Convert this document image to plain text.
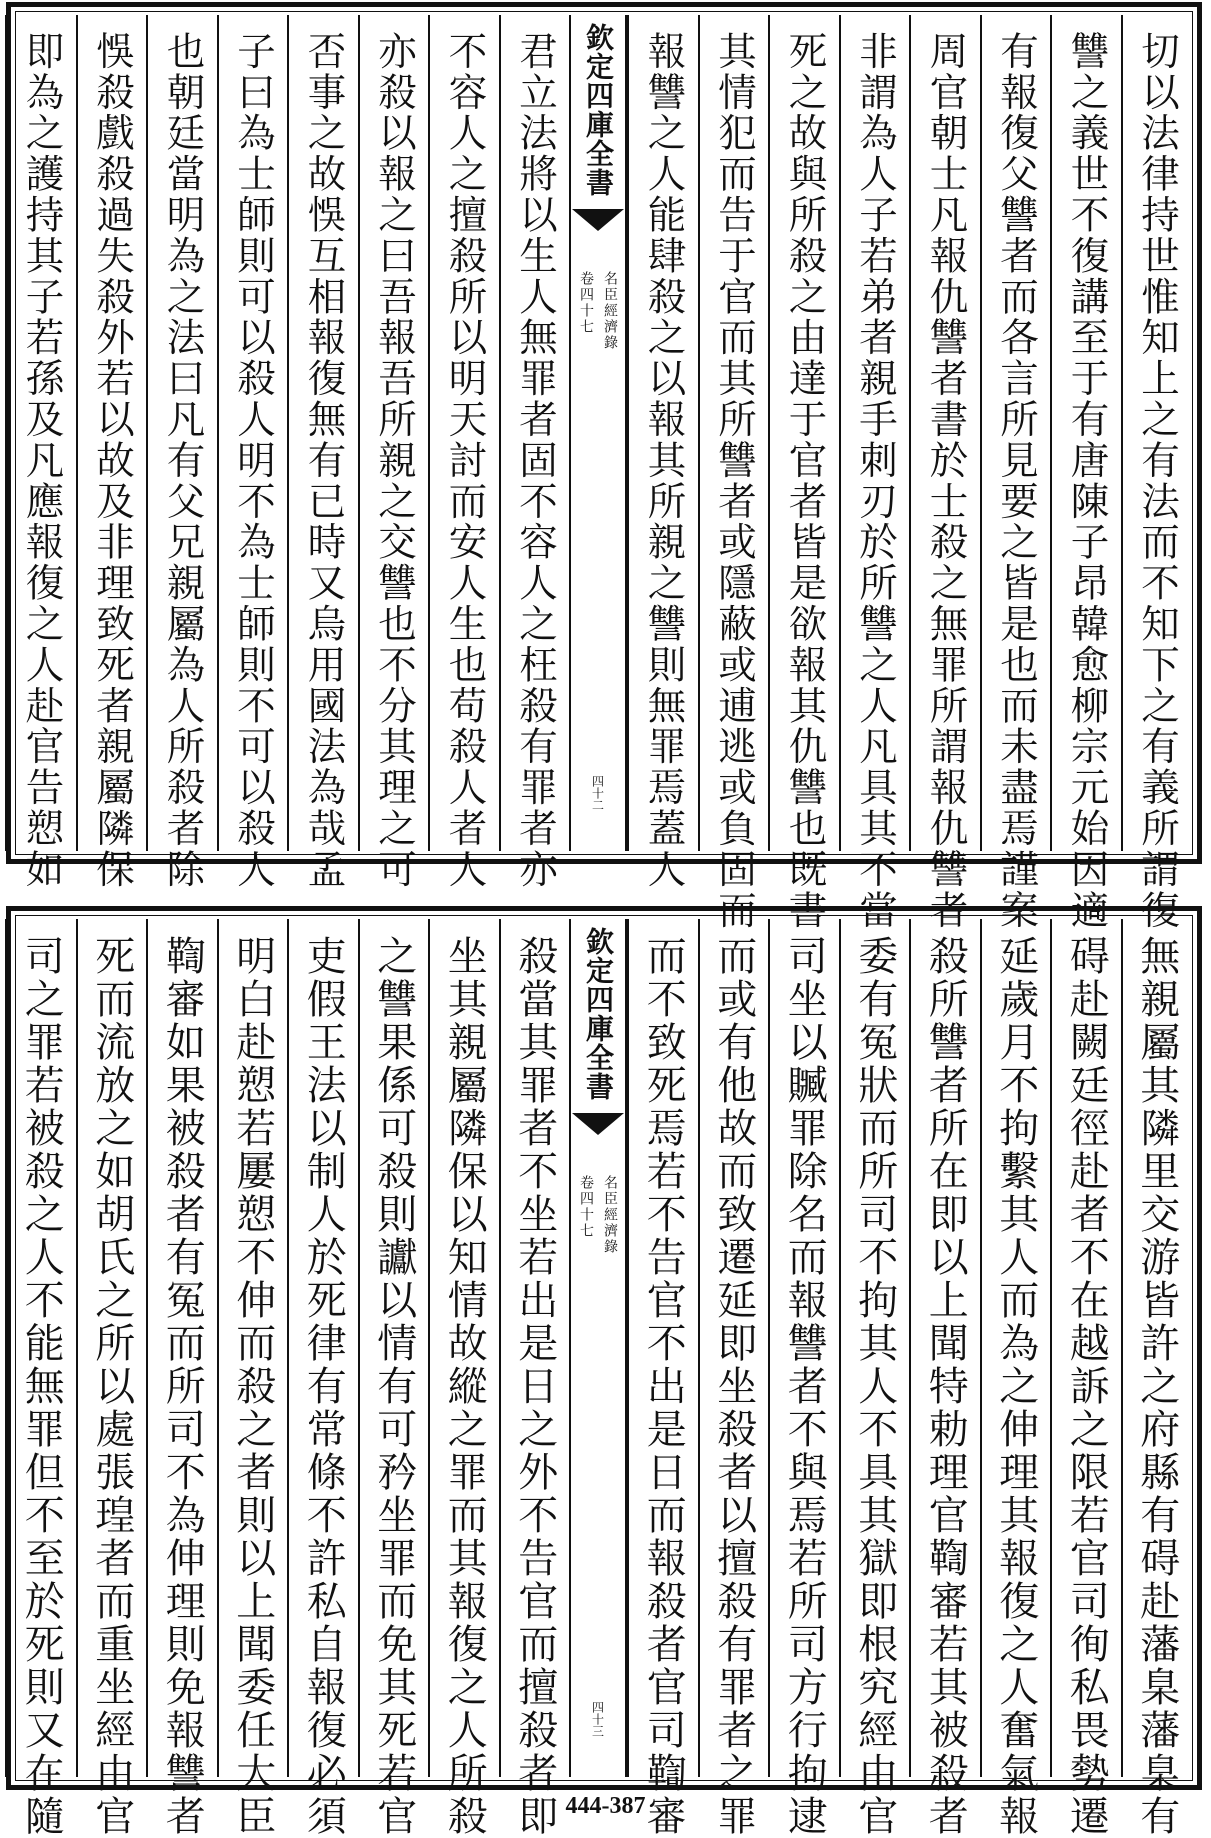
切以法律持世惟知上之有法而不知下之有義所謂復
讐之義世不復講至于有唐陳子昂韓愈柳宗元始因適
有報復父讐者而各言所見要之皆是也而未盡焉謹案
周官朝士凡報仇讐者書於士殺之無罪所謂報仇讐者
非謂為人子若弟者親手刺刃於所讐之人凡具其不當
死之故與所殺之由達于官者皆是欲報其仇讐也既書
其情犯而告于官而其所讐者或隱蔽或逋逃或負固而
報讐之人能肆殺之以報其所親之讐則無罪焉蓋人
欽定四庫全書
名臣經濟錄
卷四十七
四十二
君立法將以生人無罪者固不容人之枉殺有罪者亦
不容人之擅殺所以明天討而安人生也苟殺人者人
亦殺以報之曰吾報吾所親之交讐也不分其理之可
否事之故悞互相報復無有已時又烏用國法為哉孟
子曰為士師則可以殺人明不為士師則不可以殺人
也朝廷當明為之法曰凡有父兄親屬為人所殺者除
悞殺戲殺過失殺外若以故及非理致死者親屬隣保
即為之護持其子若孫及凡應報復之人赴官告愬如
無親屬其隣里交游皆許之府縣有碍赴藩臬藩臬有
碍赴闕廷徑赴者不在越訴之限若官司徇私畏勢遷
延歲月不拘繫其人而為之伸理其報復之人奮氣報
殺所讐者所在即以上聞特勅理官鞫審若其被殺者
委有冤狀而所司不拘其人不具其獄即根究經由官
司坐以贓罪除名而報讐者不與焉若所司方行拘逮
而或有他故而致遷延即坐殺者以擅殺有罪者之罪
而不致死焉若不告官不出是日而報殺者官司鞫審
欽定四庫全書
名臣經濟錄
卷四十七
四十三
殺當其罪者不坐若出是日之外不告官而擅殺者即
坐其親屬隣保以知情故縱之罪而其報復之人所殺
之讐果係可殺則讞以情有可矜坐罪而免其死若官
吏假王法以制人於死律有常條不許私自報復必須
明白赴愬若屢愬不伸而殺之者則以上聞委任大臣
鞫審如果被殺者有冤而所司不為伸理則免報讐者
死而流放之如胡氏之所以處張瑝者而重坐經由官
司之罪若被殺之人不能無罪但不至於死則又在隨	444-387
